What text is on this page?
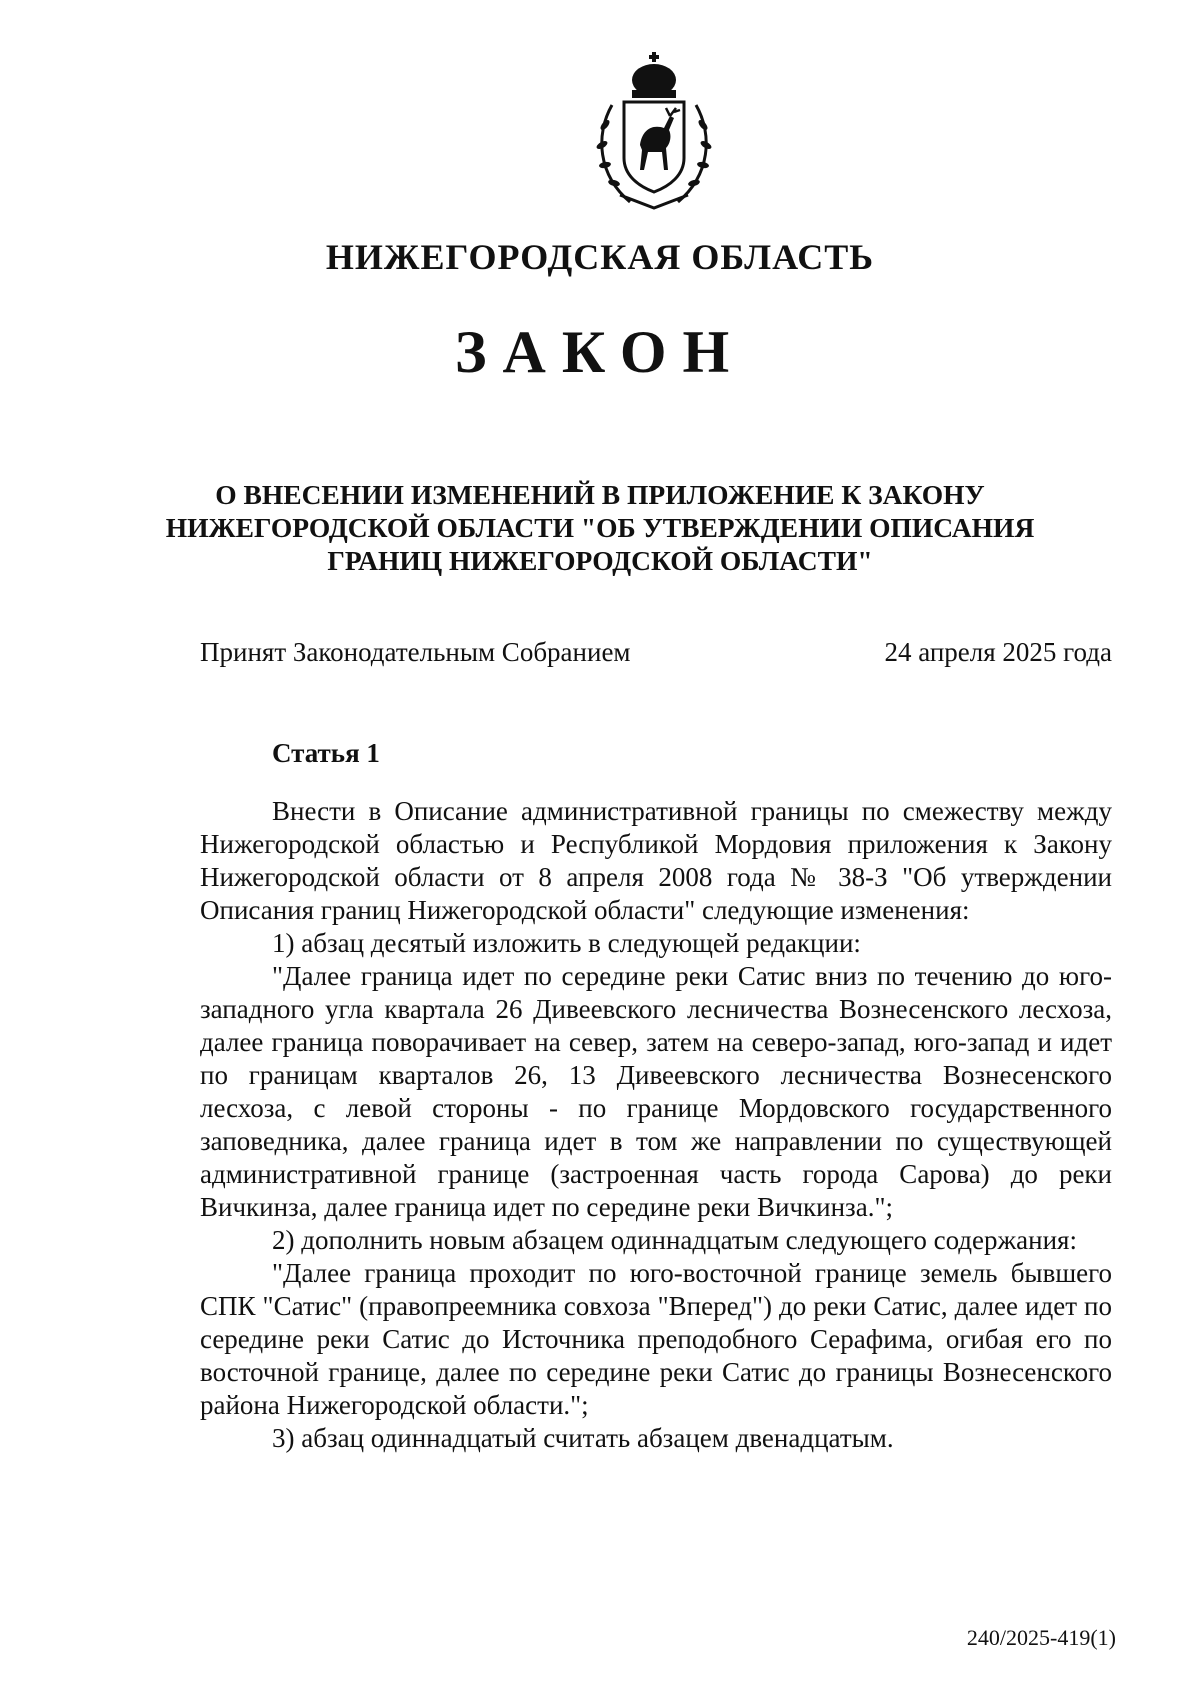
НИЖЕГОРОДСКАЯ ОБЛАСТЬ
ЗАКОН
О ВНЕСЕНИИ ИЗМЕНЕНИЙ В ПРИЛОЖЕНИЕ К ЗАКОНУ
НИЖЕГОРОДСКОЙ ОБЛАСТИ "ОБ УТВЕРЖДЕНИИ ОПИСАНИЯ
ГРАНИЦ НИЖЕГОРОДСКОЙ ОБЛАСТИ"
Принят Законодательным Собранием	24 апреля 2025 года
Статья 1

Внести в Описание административной границы по смежеству между Нижегородской областью и Республикой Мордовия приложения к Закону Нижегородской области от 8 апреля 2008 года № 38-З "Об утверждении Описания границ Нижегородской области" следующие изменения:

1) абзац десятый изложить в следующей редакции:

"Далее граница идет по середине реки Сатис вниз по течению до юго-западного угла квартала 26 Дивеевского лесничества Вознесенского лесхоза, далее граница поворачивает на север, затем на северо-запад, юго-запад и идет по границам кварталов 26, 13 Дивеевского лесничества Вознесенского лесхоза, с левой стороны - по границе Мордовского государственного заповедника, далее граница идет в том же направлении по существующей административной границе (застроенная часть города Сарова) до реки Вичкинза, далее граница идет по середине реки Вичкинза.";

2) дополнить новым абзацем одиннадцатым следующего содержания:

"Далее граница проходит по юго-восточной границе земель бывшего СПК "Сатис" (правопреемника совхоза "Вперед") до реки Сатис, далее идет по середине реки Сатис до Источника преподобного Серафима, огибая его по восточной границе, далее по середине реки Сатис до границы Вознесенского района Нижегородской области.";

3) абзац одиннадцатый считать абзацем двенадцатым.

240/2025-419(1)
